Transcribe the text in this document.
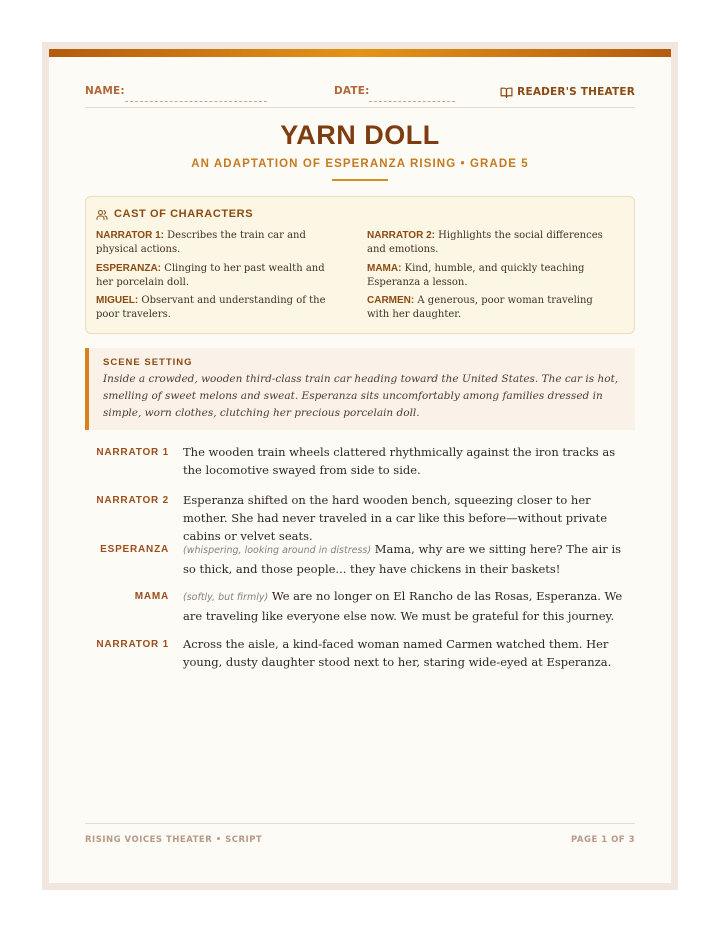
NAME:	DATE:	READER'S THEATER
YARN DOLL
AN ADAPTATION OF ESPERANZA RISING • GRADE 5
CAST OF CHARACTERS
NARRATOR 1: Describes the train car and physical actions.
NARRATOR 2: Highlights the social differences and emotions.
ESPERANZA: Clinging to her past wealth and her porcelain doll.
MAMA: Kind, humble, and quickly teaching Esperanza a lesson.
MIGUEL: Observant and understanding of the poor travelers.
CARMEN: A generous, poor woman traveling with her daughter.
SCENE SETTING
Inside a crowded, wooden third-class train car heading toward the United States. The car is hot, smelling of sweet melons and sweat. Esperanza sits uncomfortably among families dressed in simple, worn clothes, clutching her precious porcelain doll.
NARRATOR 1 The wooden train wheels clattered rhythmically against the iron tracks as the locomotive swayed from side to side.
NARRATOR 2 Esperanza shifted on the hard wooden bench, squeezing closer to her mother. She had never traveled in a car like this before—without private cabins or velvet seats.
ESPERANZA (whispering, looking around in distress) Mama, why are we sitting here? The air is so thick, and those people... they have chickens in their baskets!
MAMA (softly, but firmly) We are no longer on El Rancho de las Rosas, Esperanza. We are traveling like everyone else now. We must be grateful for this journey.
NARRATOR 1 Across the aisle, a kind-faced woman named Carmen watched them. Her young, dusty daughter stood next to her, staring wide-eyed at Esperanza.
RISING VOICES THEATER • SCRIPT	PAGE 1 OF 3
